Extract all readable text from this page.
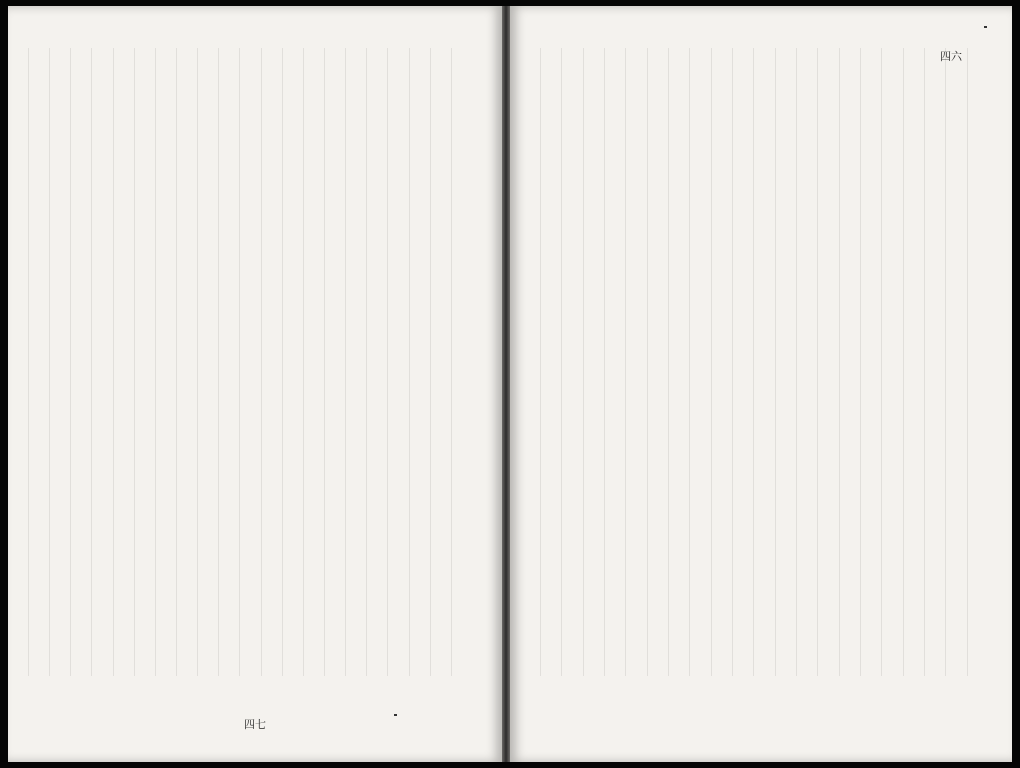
四七
四六
